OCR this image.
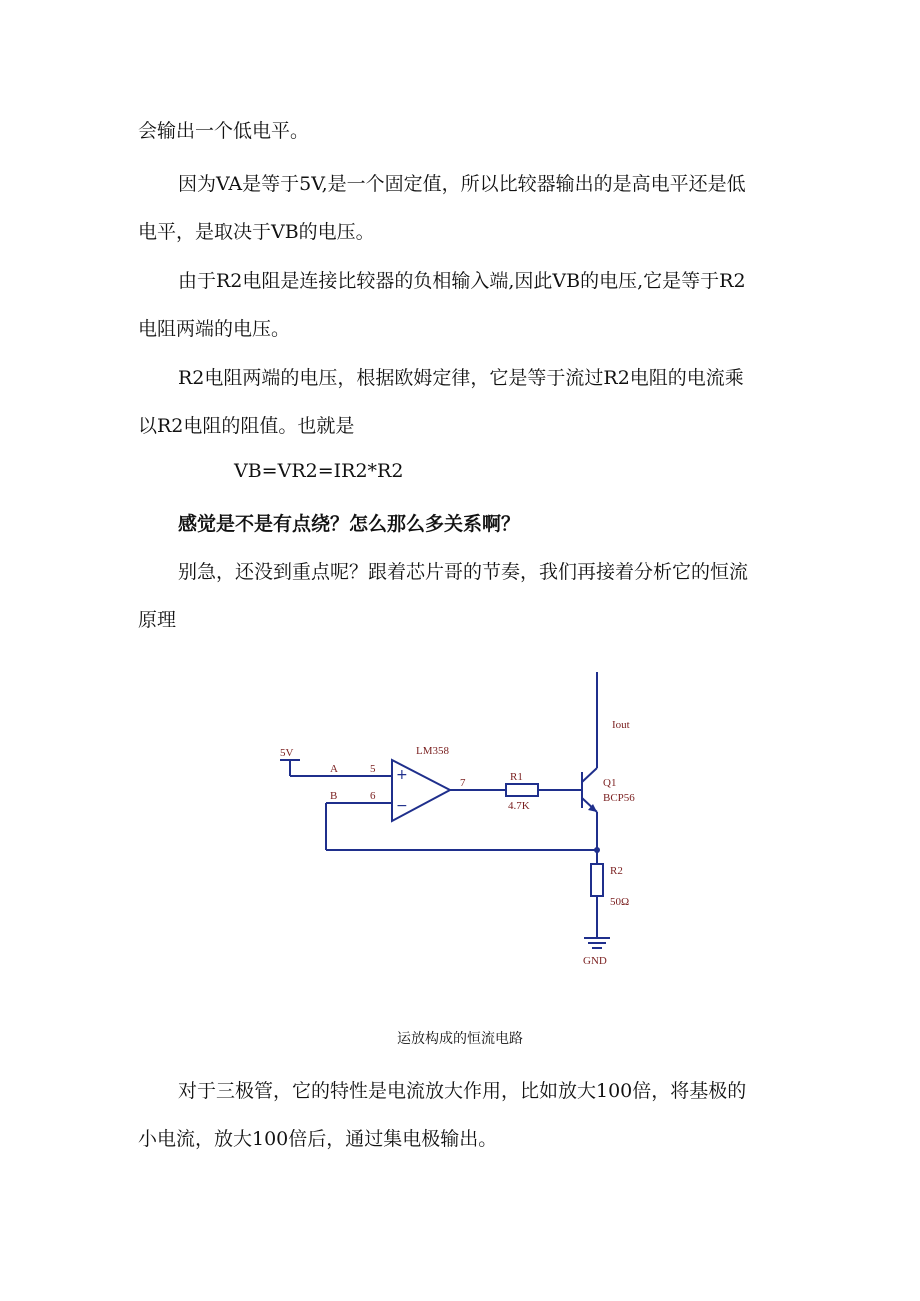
会输出一个低电平。

因为VA是等于5V,是一个固定值，所以比较器输出的是高电平还是低

电平，是取决于VB的电压。

由于R2电阻是连接比较器的负相输入端,因此VB的电压,它是等于R2

电阻两端的电压。

R2电阻两端的电压，根据欧姆定律，它是等于流过R2电阻的电流乘

以R2电阻的阻值。也就是

VB=VR2=IR2*R2

感觉是不是有点绕？怎么那么多关系啊？

别急，还没到重点呢？跟着芯片哥的节奏，我们再接着分析它的恒流

原理

5V
A
B
5
6
7
LM358
+
−
R1
4.7K
Q1
BCP56
Iout
R2
50Ω
GND
运放构成的恒流电路

对于三极管，它的特性是电流放大作用，比如放大100倍，将基极的

小电流，放大100倍后，通过集电极输出。
